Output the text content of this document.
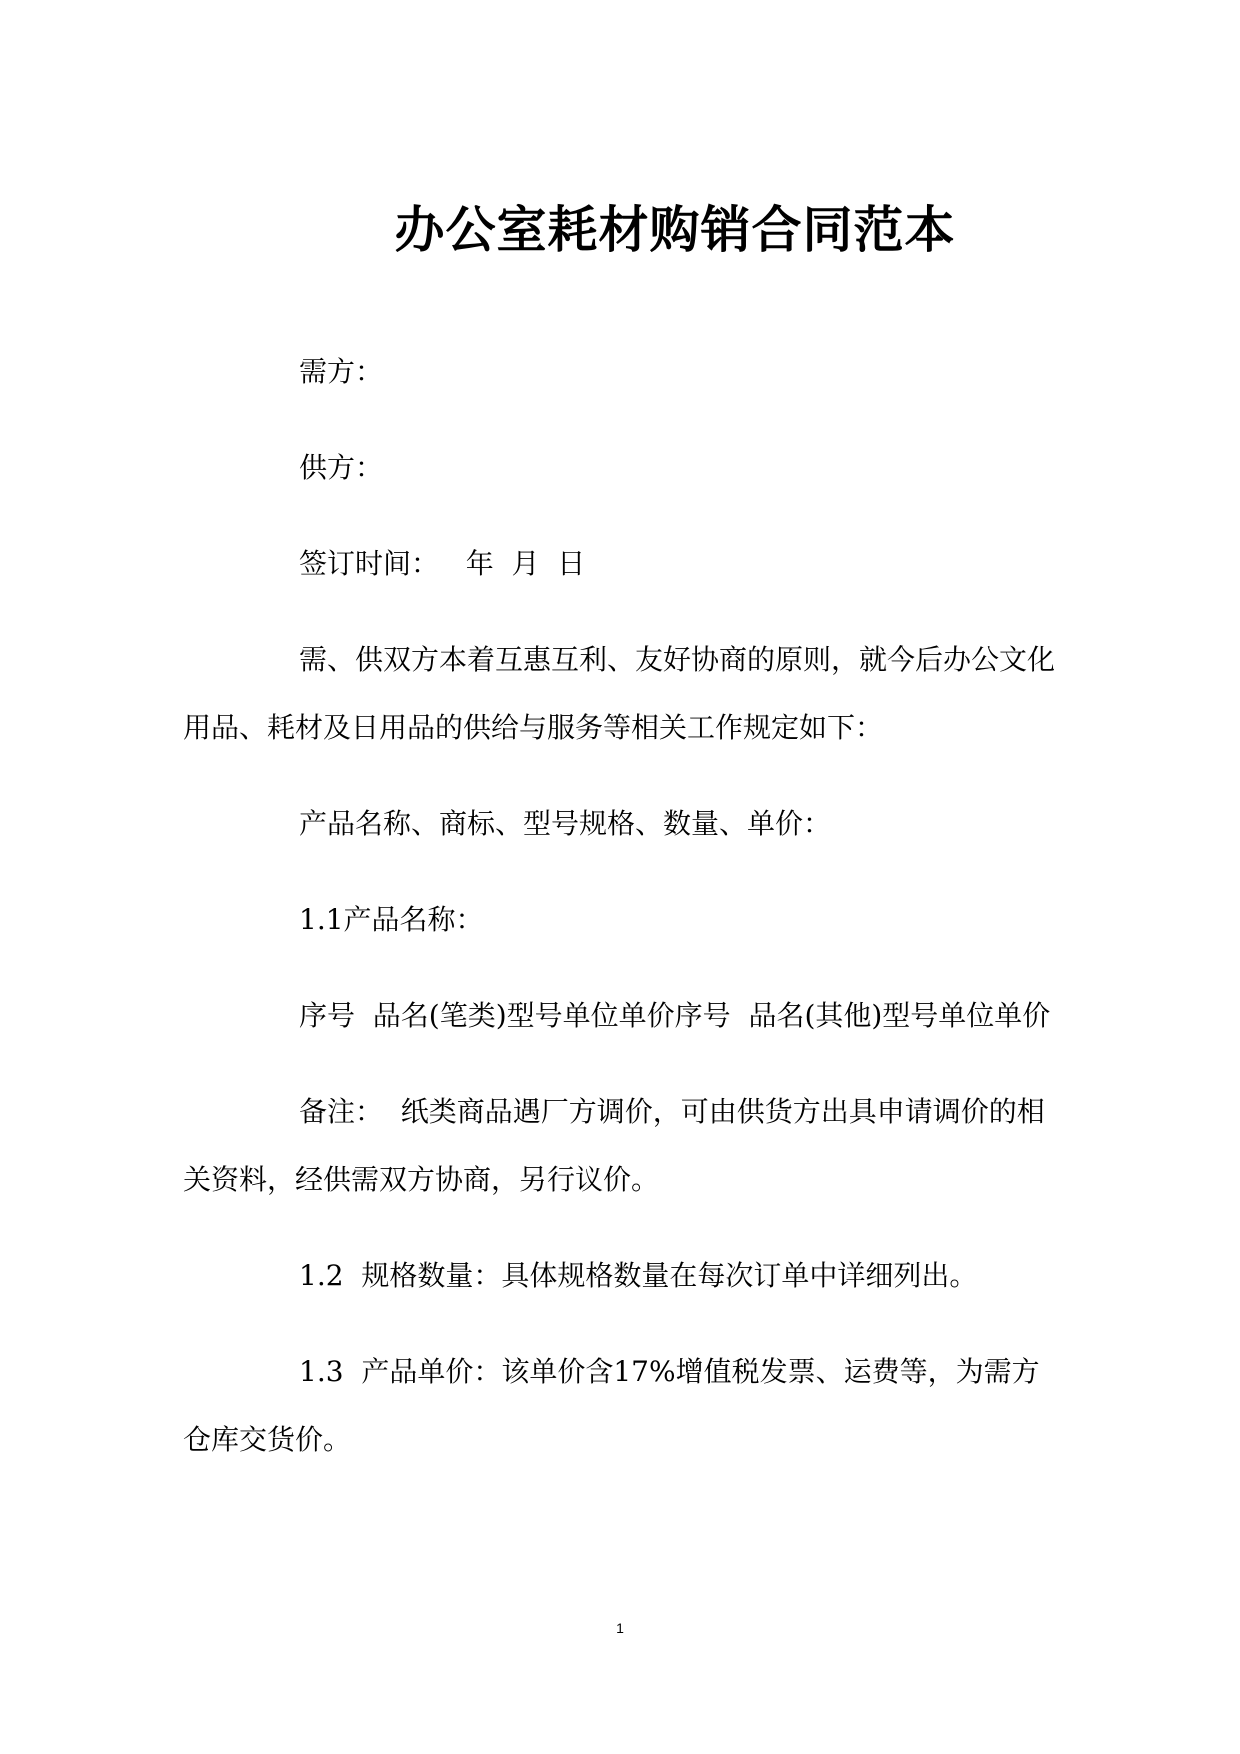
办公室耗材购销合同范本

需方：

供方：

签订时间：   年  月  日

需、供双方本着互惠互利、友好协商的原则，就今后办公文化用品、耗材及日用品的供给与服务等相关工作规定如下：

产品名称、商标、型号规格、数量、单价：

1.1产品名称：

序号  品名(笔类)型号单位单价序号  品名(其他)型号单位单价

备注：  纸类商品遇厂方调价，可由供货方出具申请调价的相关资料，经供需双方协商，另行议价。

1.2  规格数量：具体规格数量在每次订单中详细列出。

1.3  产品单价：该单价含17%增值税发票、运费等，为需方仓库交货价。

1
